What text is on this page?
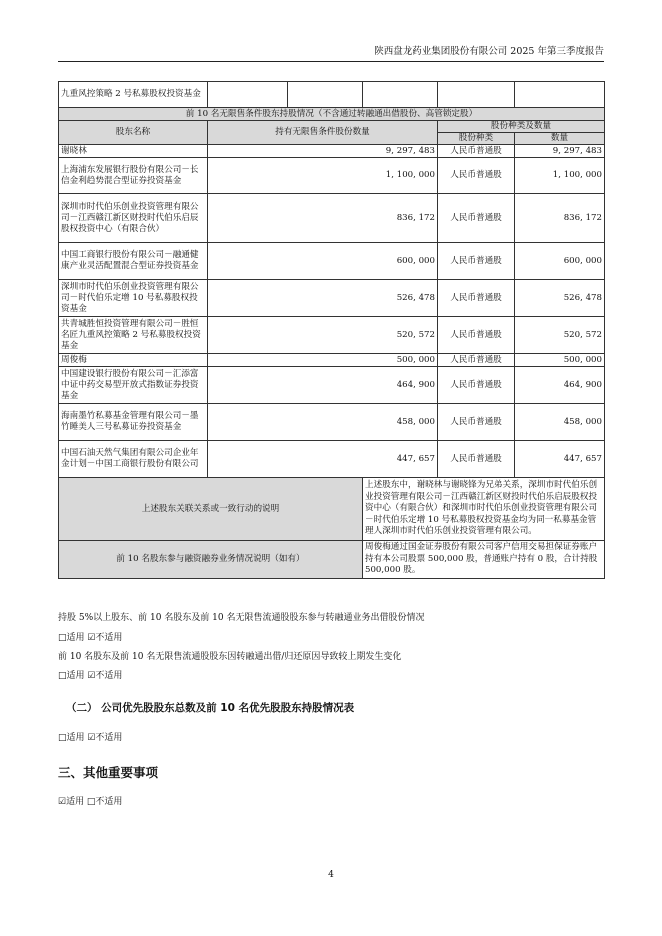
陕西盘龙药业集团股份有限公司 2025 年第三季度报告
九重风控策略 2 号私募股权投资基金					
前 10 名无限售条件股东持股情况（不含通过转融通出借股份、高管锁定股）					
股东名称	持有无限售条件股份数量			股份种类及数量	
				股份种类	数量
谢晓林	9, 297, 483			人民币普通股	9, 297, 483
上海浦东发展银行股份有限公司－长信金利趋势混合型证券投资基金	1, 100, 000			人民币普通股	1, 100, 000
深圳市时代伯乐创业投资管理有限公司－江西赣江新区财投时代伯乐启辰股权投资中心（有限合伙）	836, 172			人民币普通股	836, 172
中国工商银行股份有限公司－融通健康产业灵活配置混合型证券投资基金	600, 000			人民币普通股	600, 000
深圳市时代伯乐创业投资管理有限公司－时代伯乐定增 10 号私募股权投资基金	526, 478			人民币普通股	526, 478
共青城胜恒投资管理有限公司－胜恒名匠九重风控策略 2 号私募股权投资基金	520, 572			人民币普通股	520, 572
周俊梅	500, 000			人民币普通股	500, 000
中国建设银行股份有限公司－汇添富中证中药交易型开放式指数证券投资基金	464, 900			人民币普通股	464, 900
海南墨竹私募基金管理有限公司－墨竹睡美人三号私募证券投资基金	458, 000			人民币普通股	458, 000
中国石油天然气集团有限公司企业年金计划－中国工商银行股份有限公司	447, 657			人民币普通股	447, 657
上述股东关联关系或一致行动的说明			上述股东中，谢晓林与谢晓锋为兄弟关系，深圳市时代伯乐创业投资管理有限公司－江西赣江新区财投时代伯乐启辰股权投资中心（有限合伙）和深圳市时代伯乐创业投资管理有限公司－时代伯乐定增 10 号私募股权投资基金均为同一私募基金管理人深圳市时代伯乐创业投资管理有限公司。		
前 10 名股东参与融资融券业务情况说明（如有）			周俊梅通过国金证券股份有限公司客户信用交易担保证券账户持有本公司股票 500,000 股，普通账户持有 0 股，合计持股 500,000 股。		
持股 5%以上股东、前 10 名股东及前 10 名无限售流通股股东参与转融通业务出借股份情况
□适用 ☑不适用
前 10 名股东及前 10 名无限售流通股股东因转融通出借/归还原因导致较上期发生变化
□适用 ☑不适用
（二） 公司优先股股东总数及前 10 名优先股股东持股情况表
□适用 ☑不适用
三、其他重要事项
☑适用 □不适用
4
